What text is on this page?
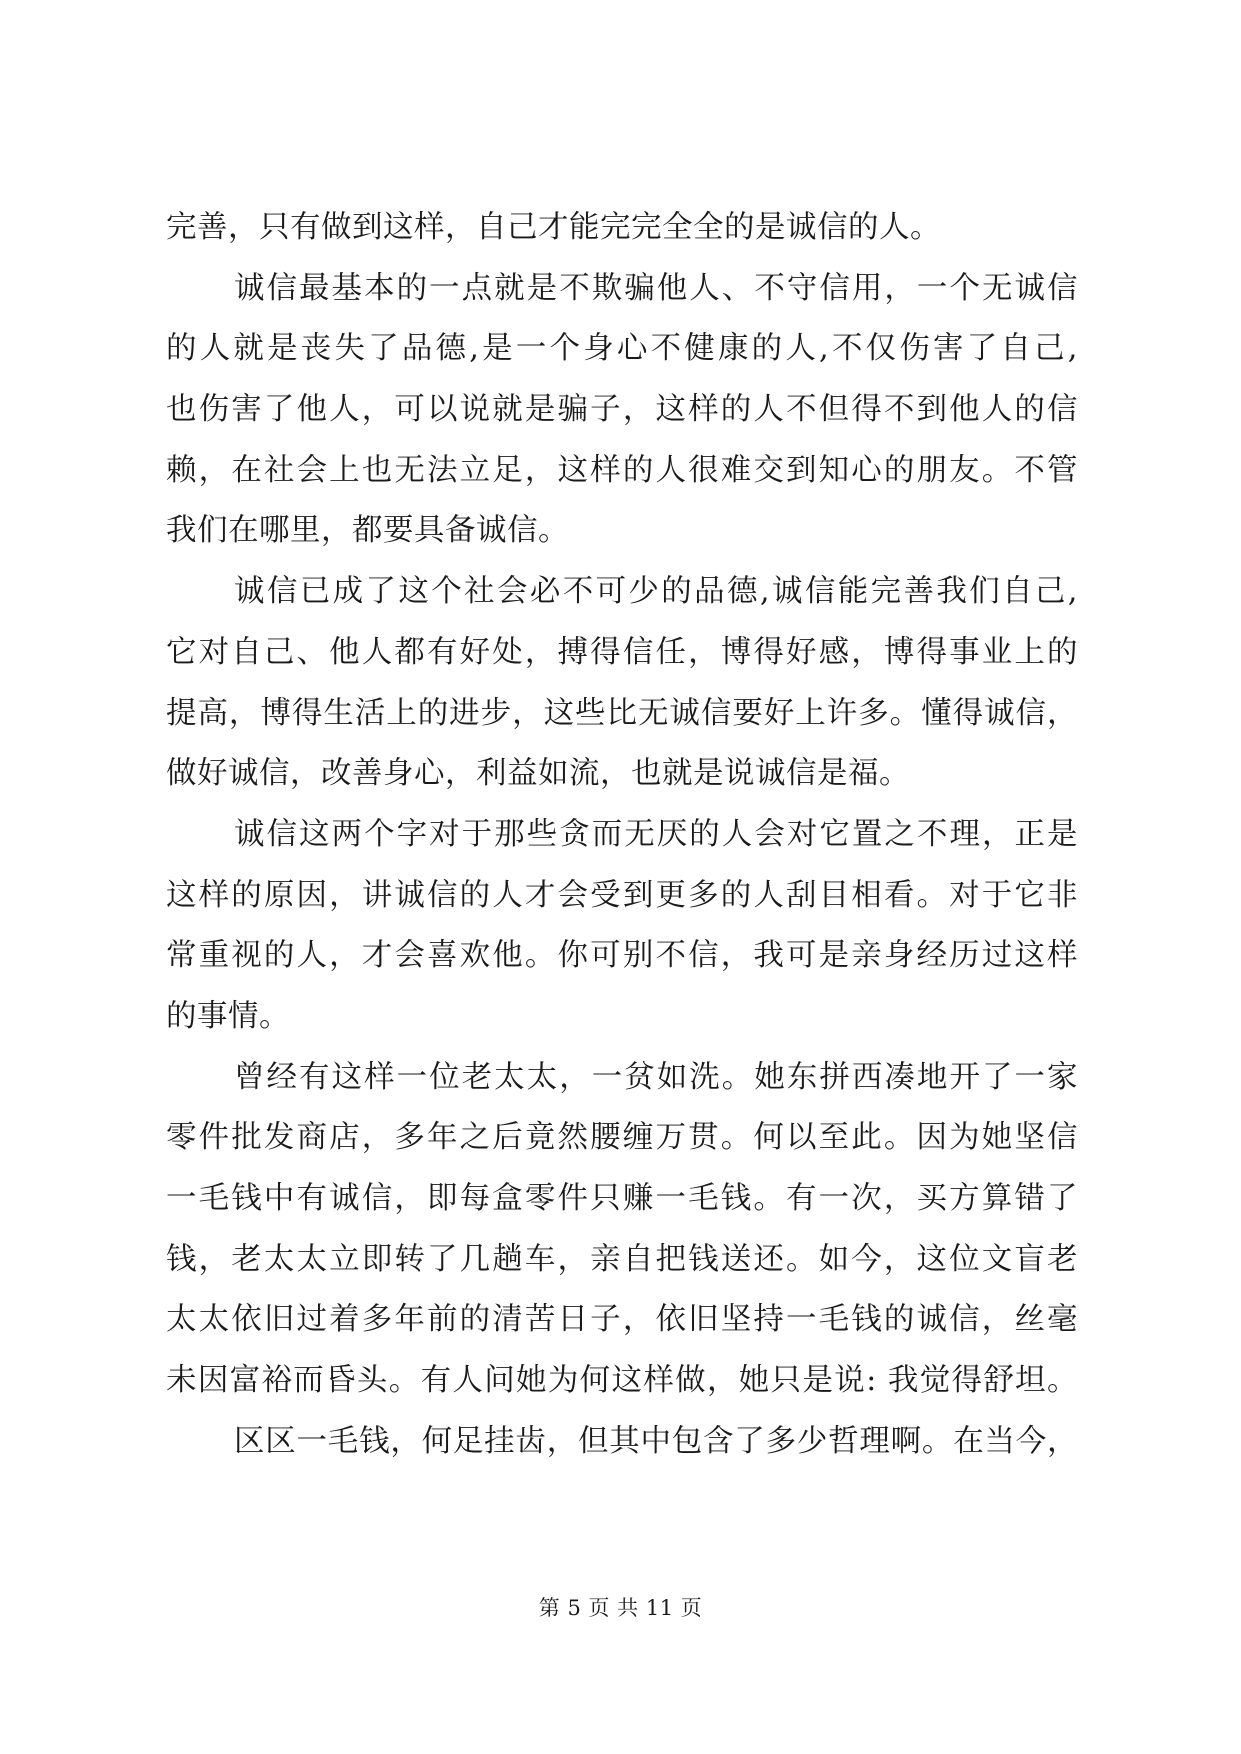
完善，只有做到这样，自己才能完完全全的是诚信的人。
诚信最基本的一点就是不欺骗他人、不守信用，一个无诚信
的人就是丧失了品德,是一个身心不健康的人,不仅伤害了自己,
也伤害了他人，可以说就是骗子，这样的人不但得不到他人的信
赖，在社会上也无法立足，这样的人很难交到知心的朋友。不管
我们在哪里，都要具备诚信。
诚信已成了这个社会必不可少的品德,诚信能完善我们自己,
它对自己、他人都有好处，搏得信任，博得好感，博得事业上的
提高，博得生活上的进步，这些比无诚信要好上许多。懂得诚信，
做好诚信，改善身心，利益如流，也就是说诚信是福。
诚信这两个字对于那些贪而无厌的人会对它置之不理，正是
这样的原因，讲诚信的人才会受到更多的人刮目相看。对于它非
常重视的人，才会喜欢他。你可别不信，我可是亲身经历过这样
的事情。
曾经有这样一位老太太，一贫如洗。她东拼西凑地开了一家
零件批发商店，多年之后竟然腰缠万贯。何以至此。因为她坚信
一毛钱中有诚信，即每盒零件只赚一毛钱。有一次，买方算错了
钱，老太太立即转了几趟车，亲自把钱送还。如今，这位文盲老
太太依旧过着多年前的清苦日子，依旧坚持一毛钱的诚信，丝毫
未因富裕而昏头。有人问她为何这样做，她只是说: 我觉得舒坦。
区区一毛钱，何足挂齿，但其中包含了多少哲理啊。在当今，
第 5 页 共 11 页
